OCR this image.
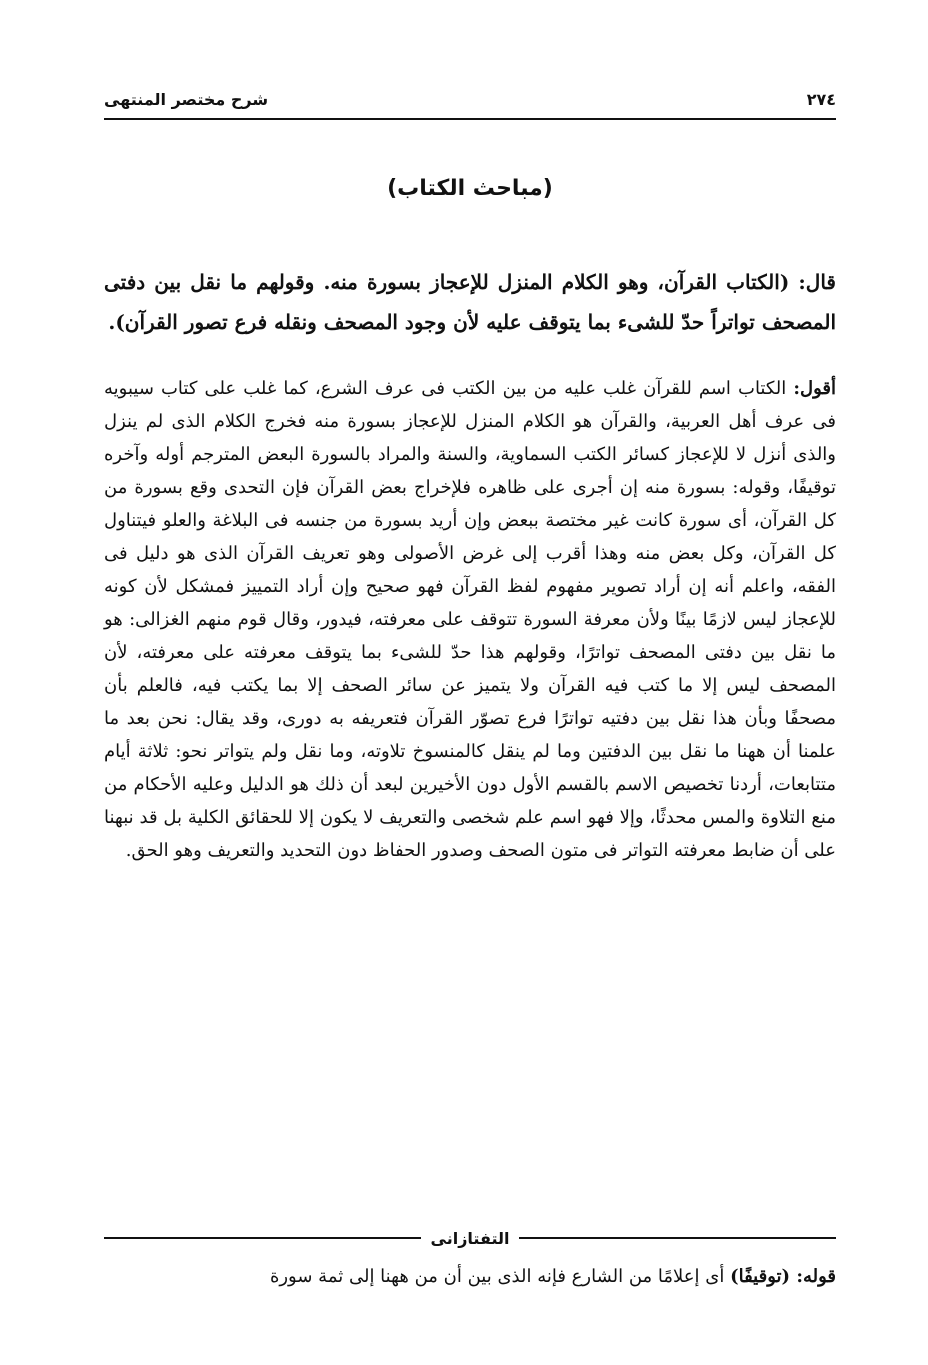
٢٧٤
شرح مختصر المنتهى
(مباحث الكتاب)
قال: (الكتاب القرآن، وهو الكلام المنزل للإعجاز بسورة منه. وقولهم ما نقل بين دفتى المصحف تواتراً حدّ للشىء بما يتوقف عليه لأن وجود المصحف ونقله فرع تصور القرآن).
أقول: الكتاب اسم للقرآن غلب عليه من بين الكتب فى عرف الشرع، كما غلب على كتاب سيبويه فى عرف أهل العربية، والقرآن هو الكلام المنزل للإعجاز بسورة منه فخرج الكلام الذى لم ينزل والذى أنزل لا للإعجاز كسائر الكتب السماوية، والسنة والمراد بالسورة البعض المترجم أوله وآخره توقيفًا، وقوله: بسورة منه إن أجرى على ظاهره فلإخراج بعض القرآن فإن التحدى وقع بسورة من كل القرآن، أى سورة كانت غير مختصة ببعض وإن أريد بسورة من جنسه فى البلاغة والعلو فيتناول كل القرآن، وكل بعض منه وهذا أقرب إلى غرض الأصولى وهو تعريف القرآن الذى هو دليل فى الفقه، واعلم أنه إن أراد تصوير مفهوم لفظ القرآن فهو صحيح وإن أراد التمييز فمشكل لأن كونه للإعجاز ليس لازمًا بينًا ولأن معرفة السورة تتوقف على معرفته، فيدور، وقال قوم منهم الغزالى: هو ما نقل بين دفتى المصحف تواترًا، وقولهم هذا حدّ للشىء بما يتوقف معرفته على معرفته، لأن المصحف ليس إلا ما كتب فيه القرآن ولا يتميز عن سائر الصحف إلا بما يكتب فيه، فالعلم بأن مصحفًا وبأن هذا نقل بين دفتيه تواترًا فرع تصوّر القرآن فتعريفه به دورى، وقد يقال: نحن بعد ما علمنا أن ههنا ما نقل بين الدفتين وما لم ينقل كالمنسوخ تلاوته، وما نقل ولم يتواتر نحو: ثلاثة أيام متتابعات، أردنا تخصيص الاسم بالقسم الأول دون الأخيرين لبعد أن ذلك هو الدليل وعليه الأحكام من منع التلاوة والمس محدثًا، وإلا فهو اسم علم شخصى والتعريف لا يكون إلا للحقائق الكلية بل قد نبهنا على أن ضابط معرفته التواتر فى متون الصحف وصدور الحفاظ دون التحديد والتعريف وهو الحق.
التفتازانى
قوله: (توقيفًا) أى إعلامًا من الشارع فإنه الذى بين أن من ههنا إلى ثمة سورة
